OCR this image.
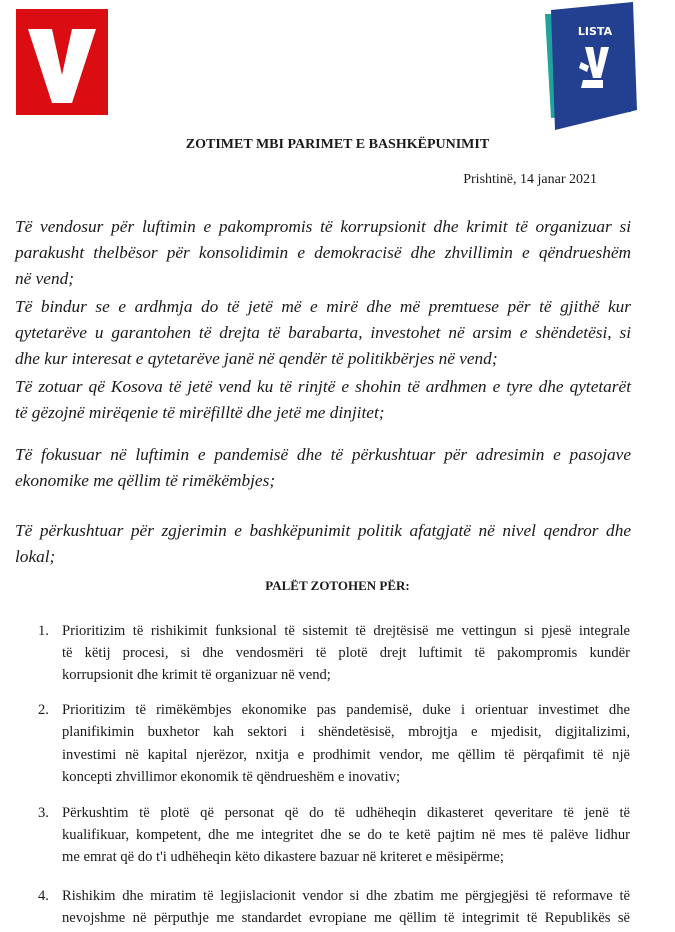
LISTA
ZOTIMET MBI PARIMET E BASHKËPUNIMIT
Prishtinë, 14 janar 2021
Të vendosur për luftimin e pakompromis të korrupsionit dhe krimit të organizuar si
parakusht thelbësor për konsolidimin e demokracisë dhe zhvillimin e qëndrueshëm
në vend;
Të bindur se e ardhmja do të jetë më e mirë dhe më premtuese për të gjithë kur
qytetarëve u garantohen të drejta të barabarta, investohet në arsim e shëndetësi, si
dhe kur interesat e qytetarëve janë në qendër të politikbërjes në vend;
Të zotuar që Kosova të jetë vend ku të rinjtë e shohin të ardhmen e tyre dhe qytetarët
të gëzojnë mirëqenie të mirëfilltë dhe jetë me dinjitet;
Të fokusuar në luftimin e pandemisë dhe të përkushtuar për adresimin e pasojave
ekonomike me qëllim të rimëkëmbjes;
Të përkushtuar për zgjerimin e bashkëpunimit politik afatgjatë në nivel qendror dhe
lokal;
PALËT ZOTOHEN PËR:
1. Prioritizim të rishikimit funksional të sistemit të drejtësisë me vettingun si pjesë integrale
të këtij procesi, si dhe vendosmëri të plotë drejt luftimit të pakompromis kundër
korrupsionit dhe krimit të organizuar në vend;
2. Prioritizim të rimëkëmbjes ekonomike pas pandemisë, duke i orientuar investimet dhe
planifikimin buxhetor kah sektori i shëndetësisë, mbrojtja e mjedisit, digjitalizimi,
investimi në kapital njerëzor, nxitja e prodhimit vendor, me qëllim të përqafimit të një
koncepti zhvillimor ekonomik të qëndrueshëm e inovativ;
3. Përkushtim të plotë që personat që do të udhëheqin dikasteret qeveritare të jenë të
kualifikuar, kompetent, dhe me integritet dhe se do te ketë pajtim në mes të palëve lidhur
me emrat që do t'i udhëheqin këto dikastere bazuar në kriteret e mësipërme;
4. Rishikim dhe miratim të legjislacionit vendor si dhe zbatim me përgjegjësi të reformave të
nevojshme në përputhje me standardet evropiane me qëllim të integrimit të Republikës së
